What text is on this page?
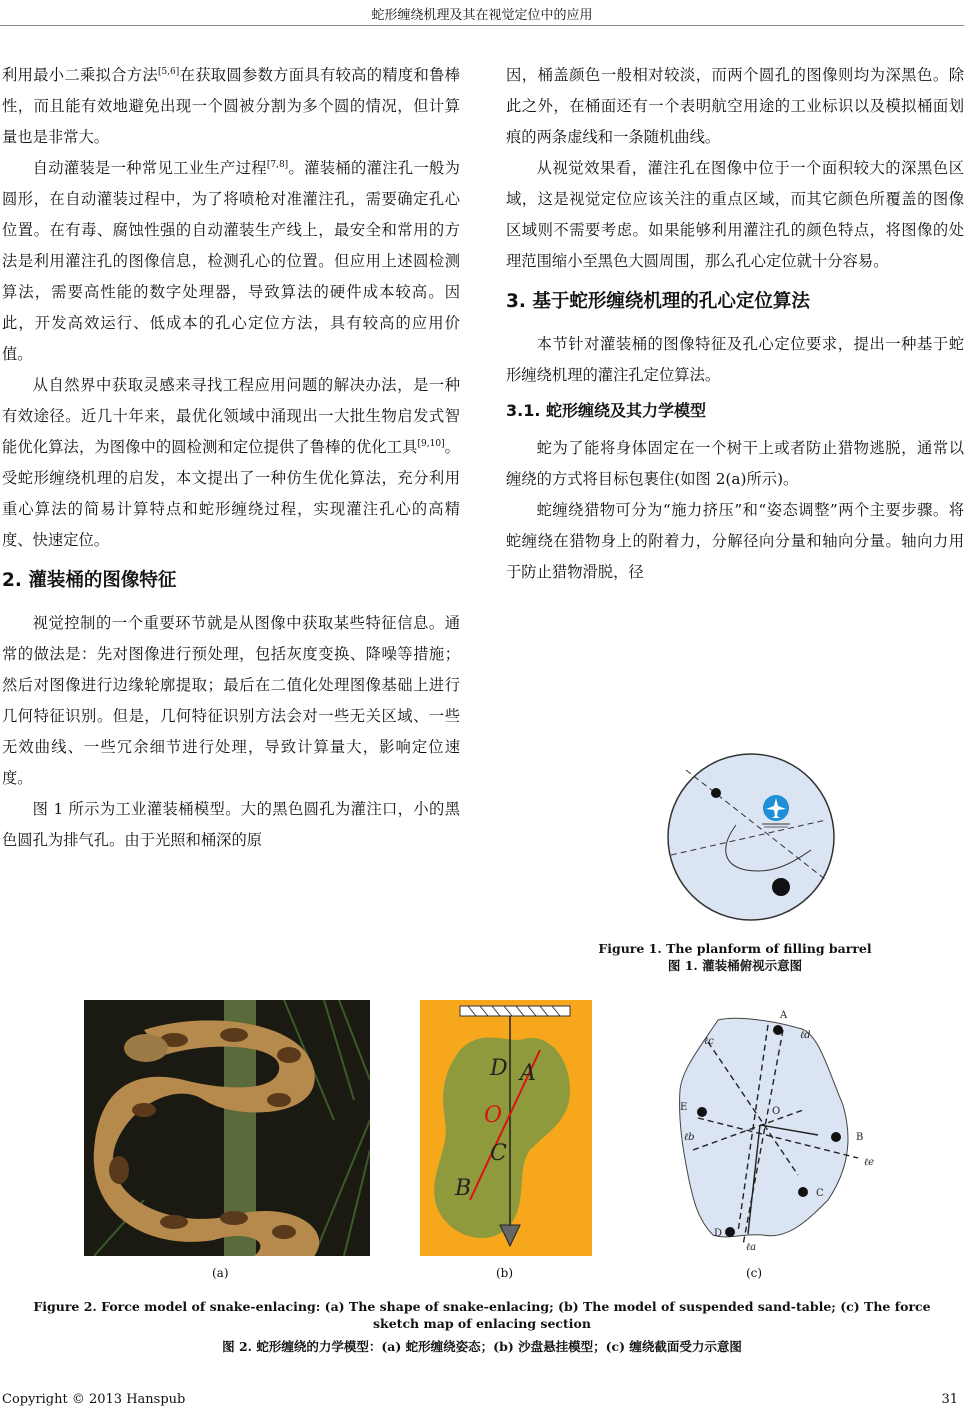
蛇形缠绕机理及其在视觉定位中的应用

利用最小二乘拟合方法[5,6]在获取圆参数方面具有较高的精度和鲁棒性，而且能有效地避免出现一个圆被分割为多个圆的情况，但计算量也是非常大。

自动灌装是一种常见工业生产过程[7,8]。灌装桶的灌注孔一般为圆形，在自动灌装过程中，为了将喷枪对准灌注孔，需要确定孔心位置。在有毒、腐蚀性强的自动灌装生产线上，最安全和常用的方法是利用灌注孔的图像信息，检测孔心的位置。但应用上述圆检测算法，需要高性能的数字处理器，导致算法的硬件成本较高。因此，开发高效运行、低成本的孔心定位方法，具有较高的应用价值。

从自然界中获取灵感来寻找工程应用问题的解决办法，是一种有效途径。近几十年来，最优化领域中涌现出一大批生物启发式智能优化算法，为图像中的圆检测和定位提供了鲁棒的优化工具[9,10]。受蛇形缠绕机理的启发，本文提出了一种仿生优化算法，充分利用重心算法的简易计算特点和蛇形缠绕过程，实现灌注孔心的高精度、快速定位。

2. 灌装桶的图像特征

视觉控制的一个重要环节就是从图像中获取某些特征信息。通常的做法是：先对图像进行预处理，包括灰度变换、降噪等措施；然后对图像进行边缘轮廓提取；最后在二值化处理图像基础上进行几何特征识别。但是，几何特征识别方法会对一些无关区域、一些无效曲线、一些冗余细节进行处理，导致计算量大，影响定位速度。

图 1 所示为工业灌装桶模型。大的黑色圆孔为灌注口，小的黑色圆孔为排气孔。由于光照和桶深的原

因，桶盖颜色一般相对较淡，而两个圆孔的图像则均为深黑色。除此之外，在桶面还有一个表明航空用途的工业标识以及模拟桶面划痕的两条虚线和一条随机曲线。

从视觉效果看，灌注孔在图像中位于一个面积较大的深黑色区域，这是视觉定位应该关注的重点区域，而其它颜色所覆盖的图像区域则不需要考虑。如果能够利用灌注孔的颜色特点，将图像的处理范围缩小至黑色大圆周围，那么孔心定位就十分容易。

3. 基于蛇形缠绕机理的孔心定位算法

本节针对灌装桶的图像特征及孔心定位要求，提出一种基于蛇形缠绕机理的灌注孔定位算法。

3.1. 蛇形缠绕及其力学模型

蛇为了能将身体固定在一个树干上或者防止猎物逃脱，通常以缠绕的方式将目标包裹住(如图 2(a)所示)。

蛇缠绕猎物可分为“施力挤压”和“姿态调整”两个主要步骤。将蛇缠绕在猎物身上的附着力，分解径向分量和轴向分量。轴向力用于防止猎物滑脱，径

Figure 1. The planform of filling barrel
图 1. 灌装桶俯视示意图
D A
O
C
B
A
B
C
D
E	O
ℓc
ℓd
ℓb
ℓe
ℓa
(a)	(b)	(c)
Figure 2. Force model of snake-enlacing: (a) The shape of snake-enlacing; (b) The model of suspended sand-table; (c) The force sketch map of enlacing section
图 2. 蛇形缠绕的力学模型：(a) 蛇形缠绕姿态；(b) 沙盘悬挂模型；(c) 缠绕截面受力示意图
Copyright © 2013 Hanspub	31
